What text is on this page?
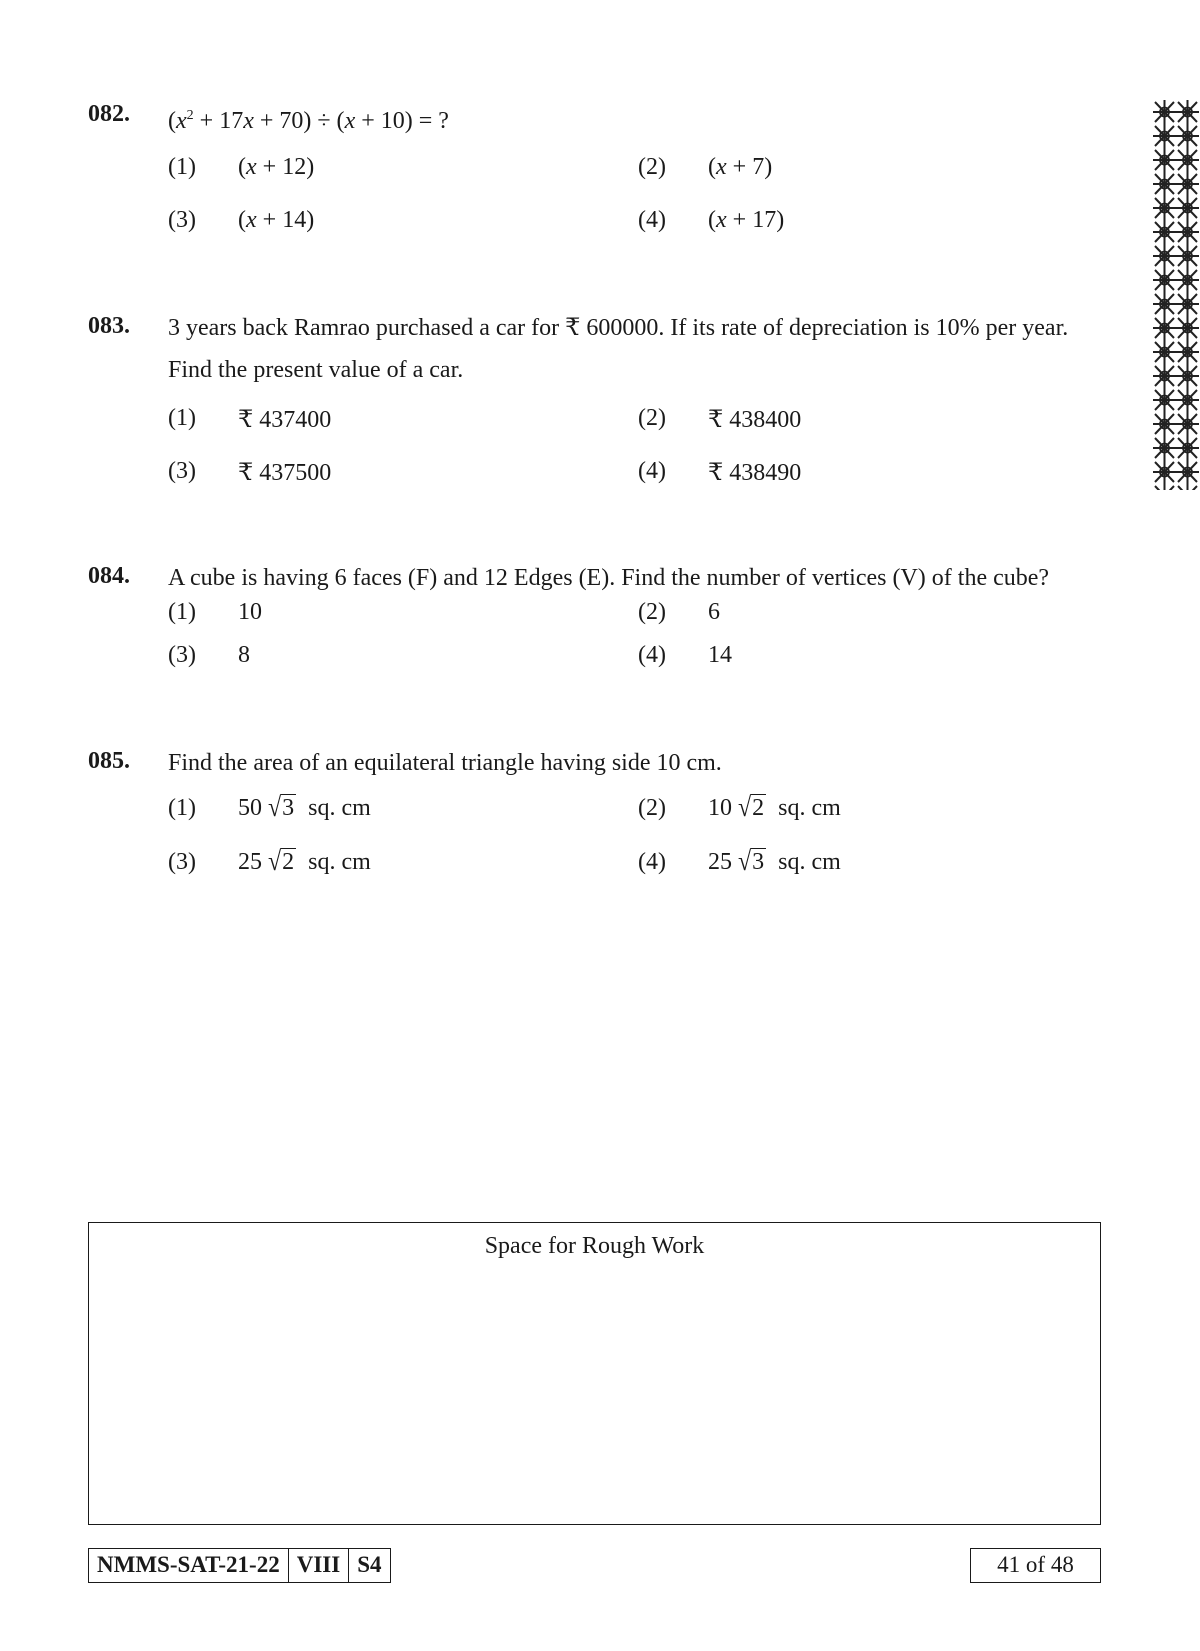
082. $(x^2 + 17x + 70) \div (x + 10)$ = ?
(1) (x + 12)	(2) (x + 7)
(3) (x + 14)	(4) (x + 17)
083. 3 years back Ramrao purchased a car for ₹ 600000. If its rate of depreciation is 10% per year. Find the present value of a car.
(1) ₹ 437400	(2) ₹ 438400
(3) ₹ 437500	(4) ₹ 438490
084. A cube is having 6 faces (F) and 12 Edges (E). Find the number of vertices (V) of the cube?
(1) 10	(2) 6
(3) 8	(4) 14
085. Find the area of an equilateral triangle having side 10 cm.
(1) 50 √3 sq. cm	(2) 10 √2 sq. cm
(3) 25 √2 sq. cm	(4) 25 √3 sq. cm
Space for Rough Work
NMMS-SAT-21-22 VIII S4	41 of 48
